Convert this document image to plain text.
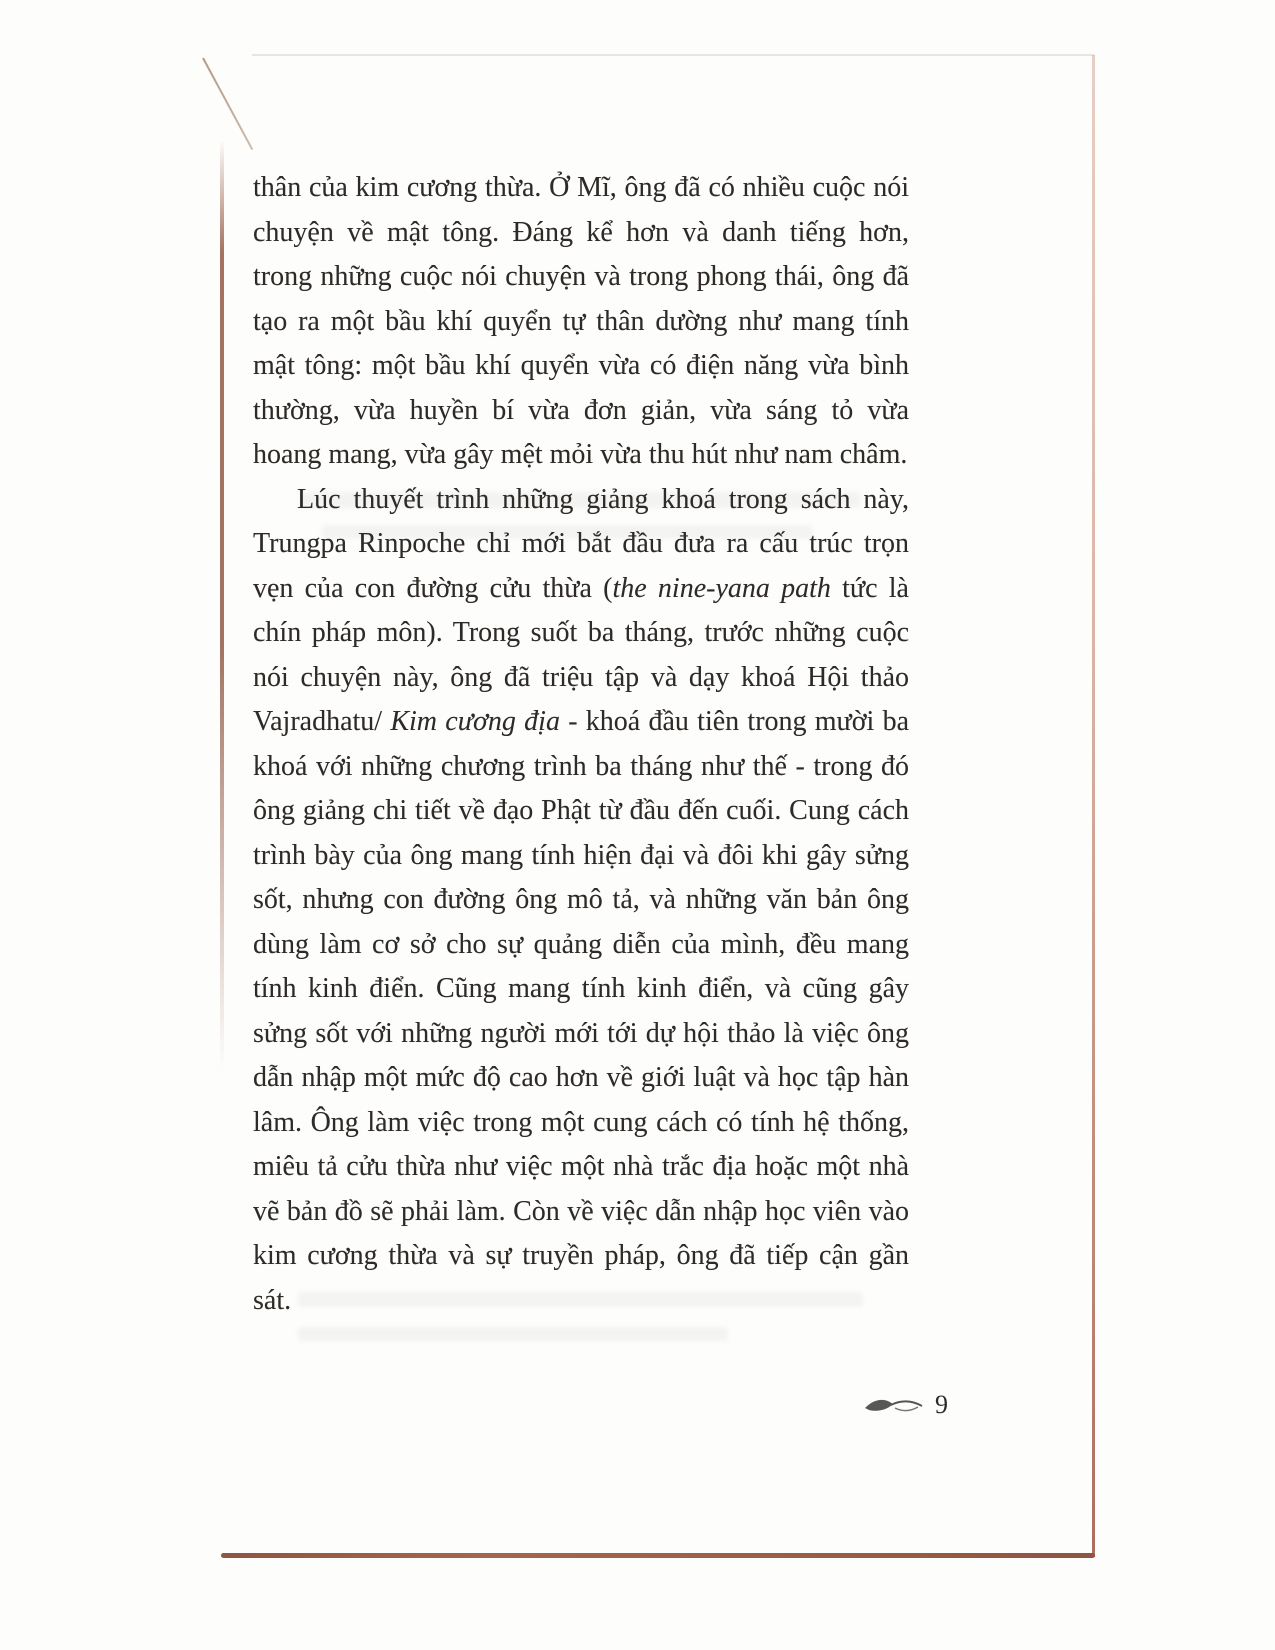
thân của kim cương thừa. Ở Mĩ, ông đã có nhiều cuộc nói chuyện về mật tông. Đáng kể hơn và danh tiếng hơn, trong những cuộc nói chuyện và trong phong thái, ông đã tạo ra một bầu khí quyển tự thân dường như mang tính mật tông: một bầu khí quyển vừa có điện năng vừa bình thường, vừa huyền bí vừa đơn giản, vừa sáng tỏ vừa hoang mang, vừa gây mệt mỏi vừa thu hút như nam châm.

Lúc thuyết trình những giảng khoá trong sách này, Trungpa Rinpoche chỉ mới bắt đầu đưa ra cấu trúc trọn vẹn của con đường cửu thừa (the nine-yana path tức là chín pháp môn). Trong suốt ba tháng, trước những cuộc nói chuyện này, ông đã triệu tập và dạy khoá Hội thảo Vajradhatu/ Kim cương địa - khoá đầu tiên trong mười ba khoá với những chương trình ba tháng như thế - trong đó ông giảng chi tiết về đạo Phật từ đầu đến cuối. Cung cách trình bày của ông mang tính hiện đại và đôi khi gây sửng sốt, nhưng con đường ông mô tả, và những văn bản ông dùng làm cơ sở cho sự quảng diễn của mình, đều mang tính kinh điển. Cũng mang tính kinh điển, và cũng gây sửng sốt với những người mới tới dự hội thảo là việc ông dẫn nhập một mức độ cao hơn về giới luật và học tập hàn lâm. Ông làm việc trong một cung cách có tính hệ thống, miêu tả cửu thừa như việc một nhà trắc địa hoặc một nhà vẽ bản đồ sẽ phải làm. Còn về việc dẫn nhập học viên vào kim cương thừa và sự truyền pháp, ông đã tiếp cận gần sát.

9
